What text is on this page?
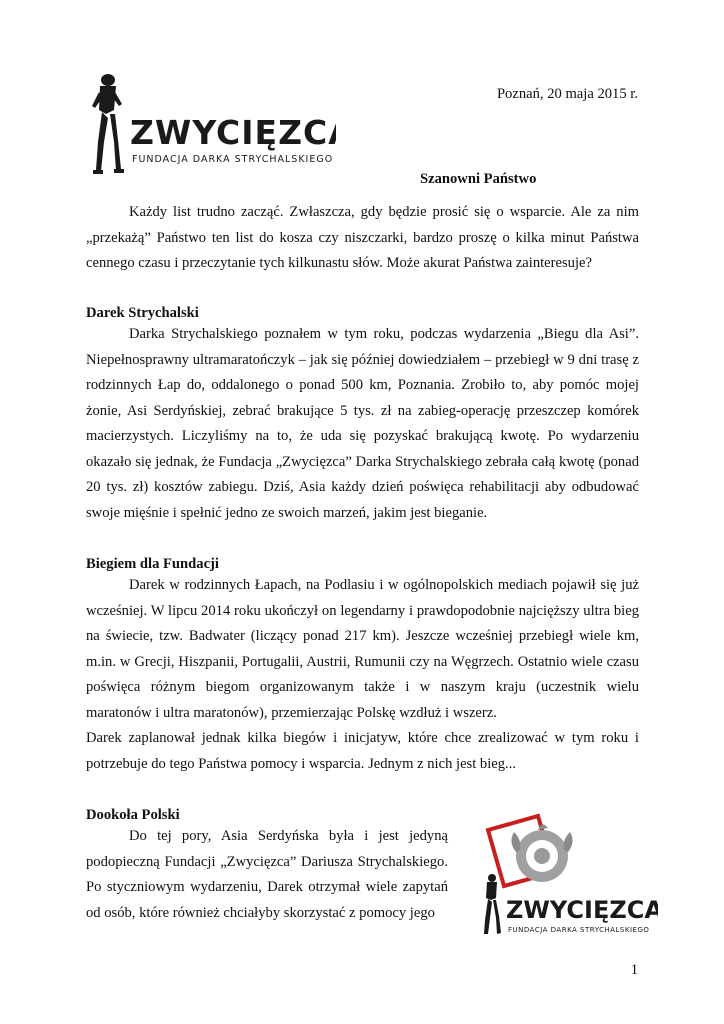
ZWYCIĘZCA
FUNDACJA DARKA STRYCHALSKIEGO
Poznań, 20 maja 2015 r.
Szanowni Państwo

Każdy list trudno zacząć. Zwłaszcza, gdy będzie prosić się o wsparcie. Ale za nim „przekażą” Państwo ten list do kosza czy niszczarki, bardzo proszę o kilka minut Państwa cennego czasu i przeczytanie tych kilkunastu słów. Może akurat Państwa zainteresuje?

Darek Strychalski

Darka Strychalskiego poznałem w tym roku, podczas wydarzenia „Biegu dla Asi”. Niepełnosprawny ultramaratończyk – jak się później dowiedziałem – przebiegł w 9 dni trasę z rodzinnych Łap do, oddalonego o ponad 500 km, Poznania. Zrobiło to, aby pomóc mojej żonie, Asi Serdyńskiej, zebrać brakujące 5 tys. zł na zabieg-operację przeszczep komórek macierzystych. Liczyliśmy na to, że uda się pozyskać brakującą kwotę. Po wydarzeniu okazało się jednak, że Fundacja „Zwycięzca” Darka Strychalskiego zebrała całą kwotę (ponad 20 tys. zł) kosztów zabiegu. Dziś, Asia każdy dzień poświęca rehabilitacji aby odbudować swoje mięśnie i spełnić jedno ze swoich marzeń, jakim jest bieganie.

Biegiem dla Fundacji

Darek w rodzinnych Łapach, na Podlasiu i w ogólnopolskich mediach pojawił się już wcześniej. W lipcu 2014 roku ukończył on legendarny i prawdopodobnie najcięższy ultra bieg na świecie, tzw. Badwater (liczący ponad 217 km). Jeszcze wcześniej przebiegł wiele km, m.in. w Grecji, Hiszpanii, Portugalii, Austrii, Rumunii czy na Węgrzech. Ostatnio wiele czasu poświęca różnym biegom organizowanym także i w naszym kraju (uczestnik wielu maratonów i ultra maratonów), przemierzając Polskę wzdłuż i wszerz.

Darek zaplanował jednak kilka biegów i inicjatyw, które chce zrealizować w tym roku i potrzebuje do tego Państwa pomocy i wsparcia. Jednym z nich jest bieg...

Dookoła Polski

Do tej pory, Asia Serdyńska była i jest jedyną podopieczną Fundacji „Zwycięzca” Dariusza Strychalskiego. Po styczniowym wydarzeniu, Darek otrzymał wiele zapytań od osób, które również chciałyby skorzystać z pomocy jego	ZWYCIĘZCA
FUNDACJA DARKA STRYCHALSKIEGO
1
